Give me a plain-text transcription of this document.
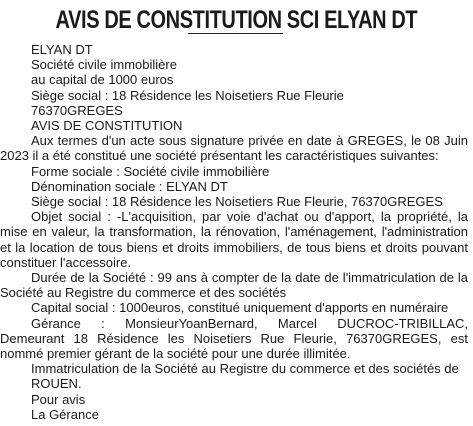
AVIS DE CONSTITUTION SCI ELYAN DT

ELYAN DT

Société civile immobilière

au capital de 1000 euros

Siège social : 18 Résidence les Noisetiers Rue Fleurie

76370GREGES

AVIS DE CONSTITUTION

Aux termes d'un acte sous signature privée en date à GREGES, le 08 Juin 2023 il a été constitué une société présentant les caractéristiques suivantes:

Forme sociale : Société civile immobilière

Dénomination sociale : ELYAN DT

Siège social : 18 Résidence les Noisetiers Rue Fleurie, 76370GREGES

Objet social : -L'acquisition, par voie d'achat ou d'apport, la propriété, la mise en valeur, la transformation, la rénovation, l'aménagement, l'administration et la location de tous biens et droits immobiliers, de tous biens et droits pouvant constituer l'accessoire.

Durée de la Société : 99 ans à compter de la date de l'immatriculation de la Société au Registre du commerce et des sociétés

Capital social : 1000euros, constitué uniquement d'apports en numéraire

Gérance : MonsieurYoanBernard, Marcel DUCROC-TRIBILLAC, Demeurant 18 Résidence les Noisetiers Rue Fleurie, 76370GREGES, est nommé premier gérant de la société pour une durée illimitée.

Immatriculation de la Société au Registre du commerce et des sociétés de ROUEN.

Pour avis

La Gérance
